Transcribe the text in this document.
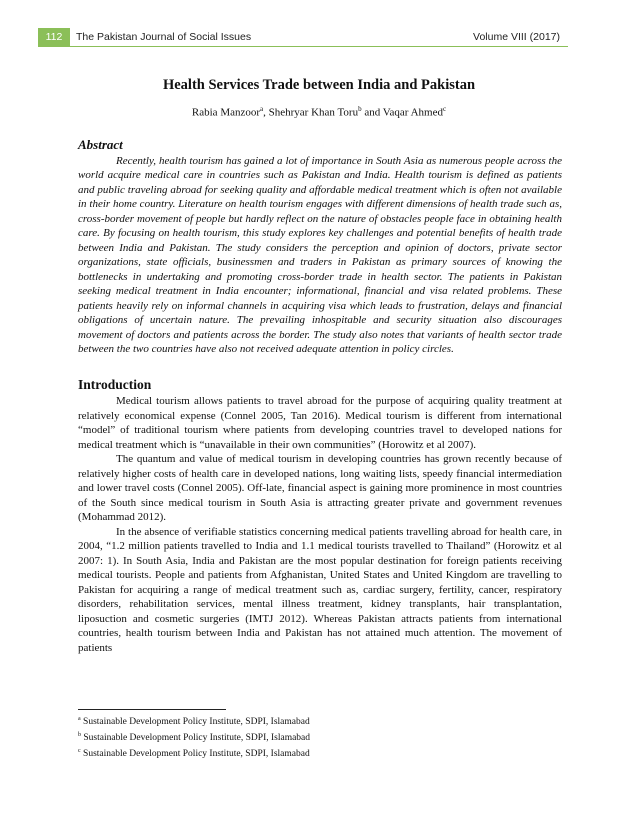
112	The Pakistan Journal of Social Issues	Volume VIII (2017)
Health Services Trade between India and Pakistan
Rabia Manzoor$^a$, Shehryar Khan Toru$^b$ and Vaqar Ahmed$^c$
Abstract

Recently, health tourism has gained a lot of importance in South Asia as numerous people across the world acquire medical care in countries such as Pakistan and India. Health tourism is defined as patients and public traveling abroad for seeking quality and affordable medical treatment which is often not available in their home country. Literature on health tourism engages with different dimensions of health trade such as, cross-border movement of people but hardly reflect on the nature of obstacles people face in obtaining health care. By focusing on health tourism, this study explores key challenges and potential benefits of health trade between India and Pakistan. The study considers the perception and opinion of doctors, private sector organizations, state officials, businessmen and traders in Pakistan as primary sources of knowing the bottlenecks in undertaking and promoting cross-border trade in health sector. The patients in Pakistan seeking medical treatment in India encounter; informational, financial and visa related problems. These patients heavily rely on informal channels in acquiring visa which leads to frustration, delays and financial obligations of uncertain nature. The prevailing inhospitable and security situation also discourages movement of doctors and patients across the border. The study also notes that variants of health sector trade between the two countries have also not received adequate attention in policy circles.

Introduction

Medical tourism allows patients to travel abroad for the purpose of acquiring quality treatment at relatively economical expense (Connel 2005, Tan 2016). Medical tourism is different from international “model” of traditional tourism where patients from developing countries travel to developed nations for medical treatment which is “unavailable in their own communities” (Horowitz et al 2007).

The quantum and value of medical tourism in developing countries has grown recently because of relatively higher costs of health care in developed nations, long waiting lists, speedy financial intermediation and lower travel costs (Connel 2005). Off-late, financial aspect is gaining more prominence in most countries of the South since medical tourism in South Asia is attracting greater private and government revenues (Mohammad 2012).

In the absence of verifiable statistics concerning medical patients travelling abroad for health care, in 2004, “1.2 million patients travelled to India and 1.1 medical tourists travelled to Thailand” (Horowitz et al 2007: 1). In South Asia, India and Pakistan are the most popular destination for foreign patients receiving medical tourists. People and patients from Afghanistan, United States and United Kingdom are travelling to Pakistan for acquiring a range of medical treatment such as, cardiac surgery, fertility, cancer, respiratory disorders, rehabilitation services, mental illness treatment, kidney transplants, hair transplantation, liposuction and cosmetic surgeries (IMTJ 2012). Whereas Pakistan attracts patients from international countries, health tourism between India and Pakistan has not attained much attention. The movement of patients

$^a$ Sustainable Development Policy Institute, SDPI, Islamabad
$^b$ Sustainable Development Policy Institute, SDPI, Islamabad
$^c$ Sustainable Development Policy Institute, SDPI, Islamabad
